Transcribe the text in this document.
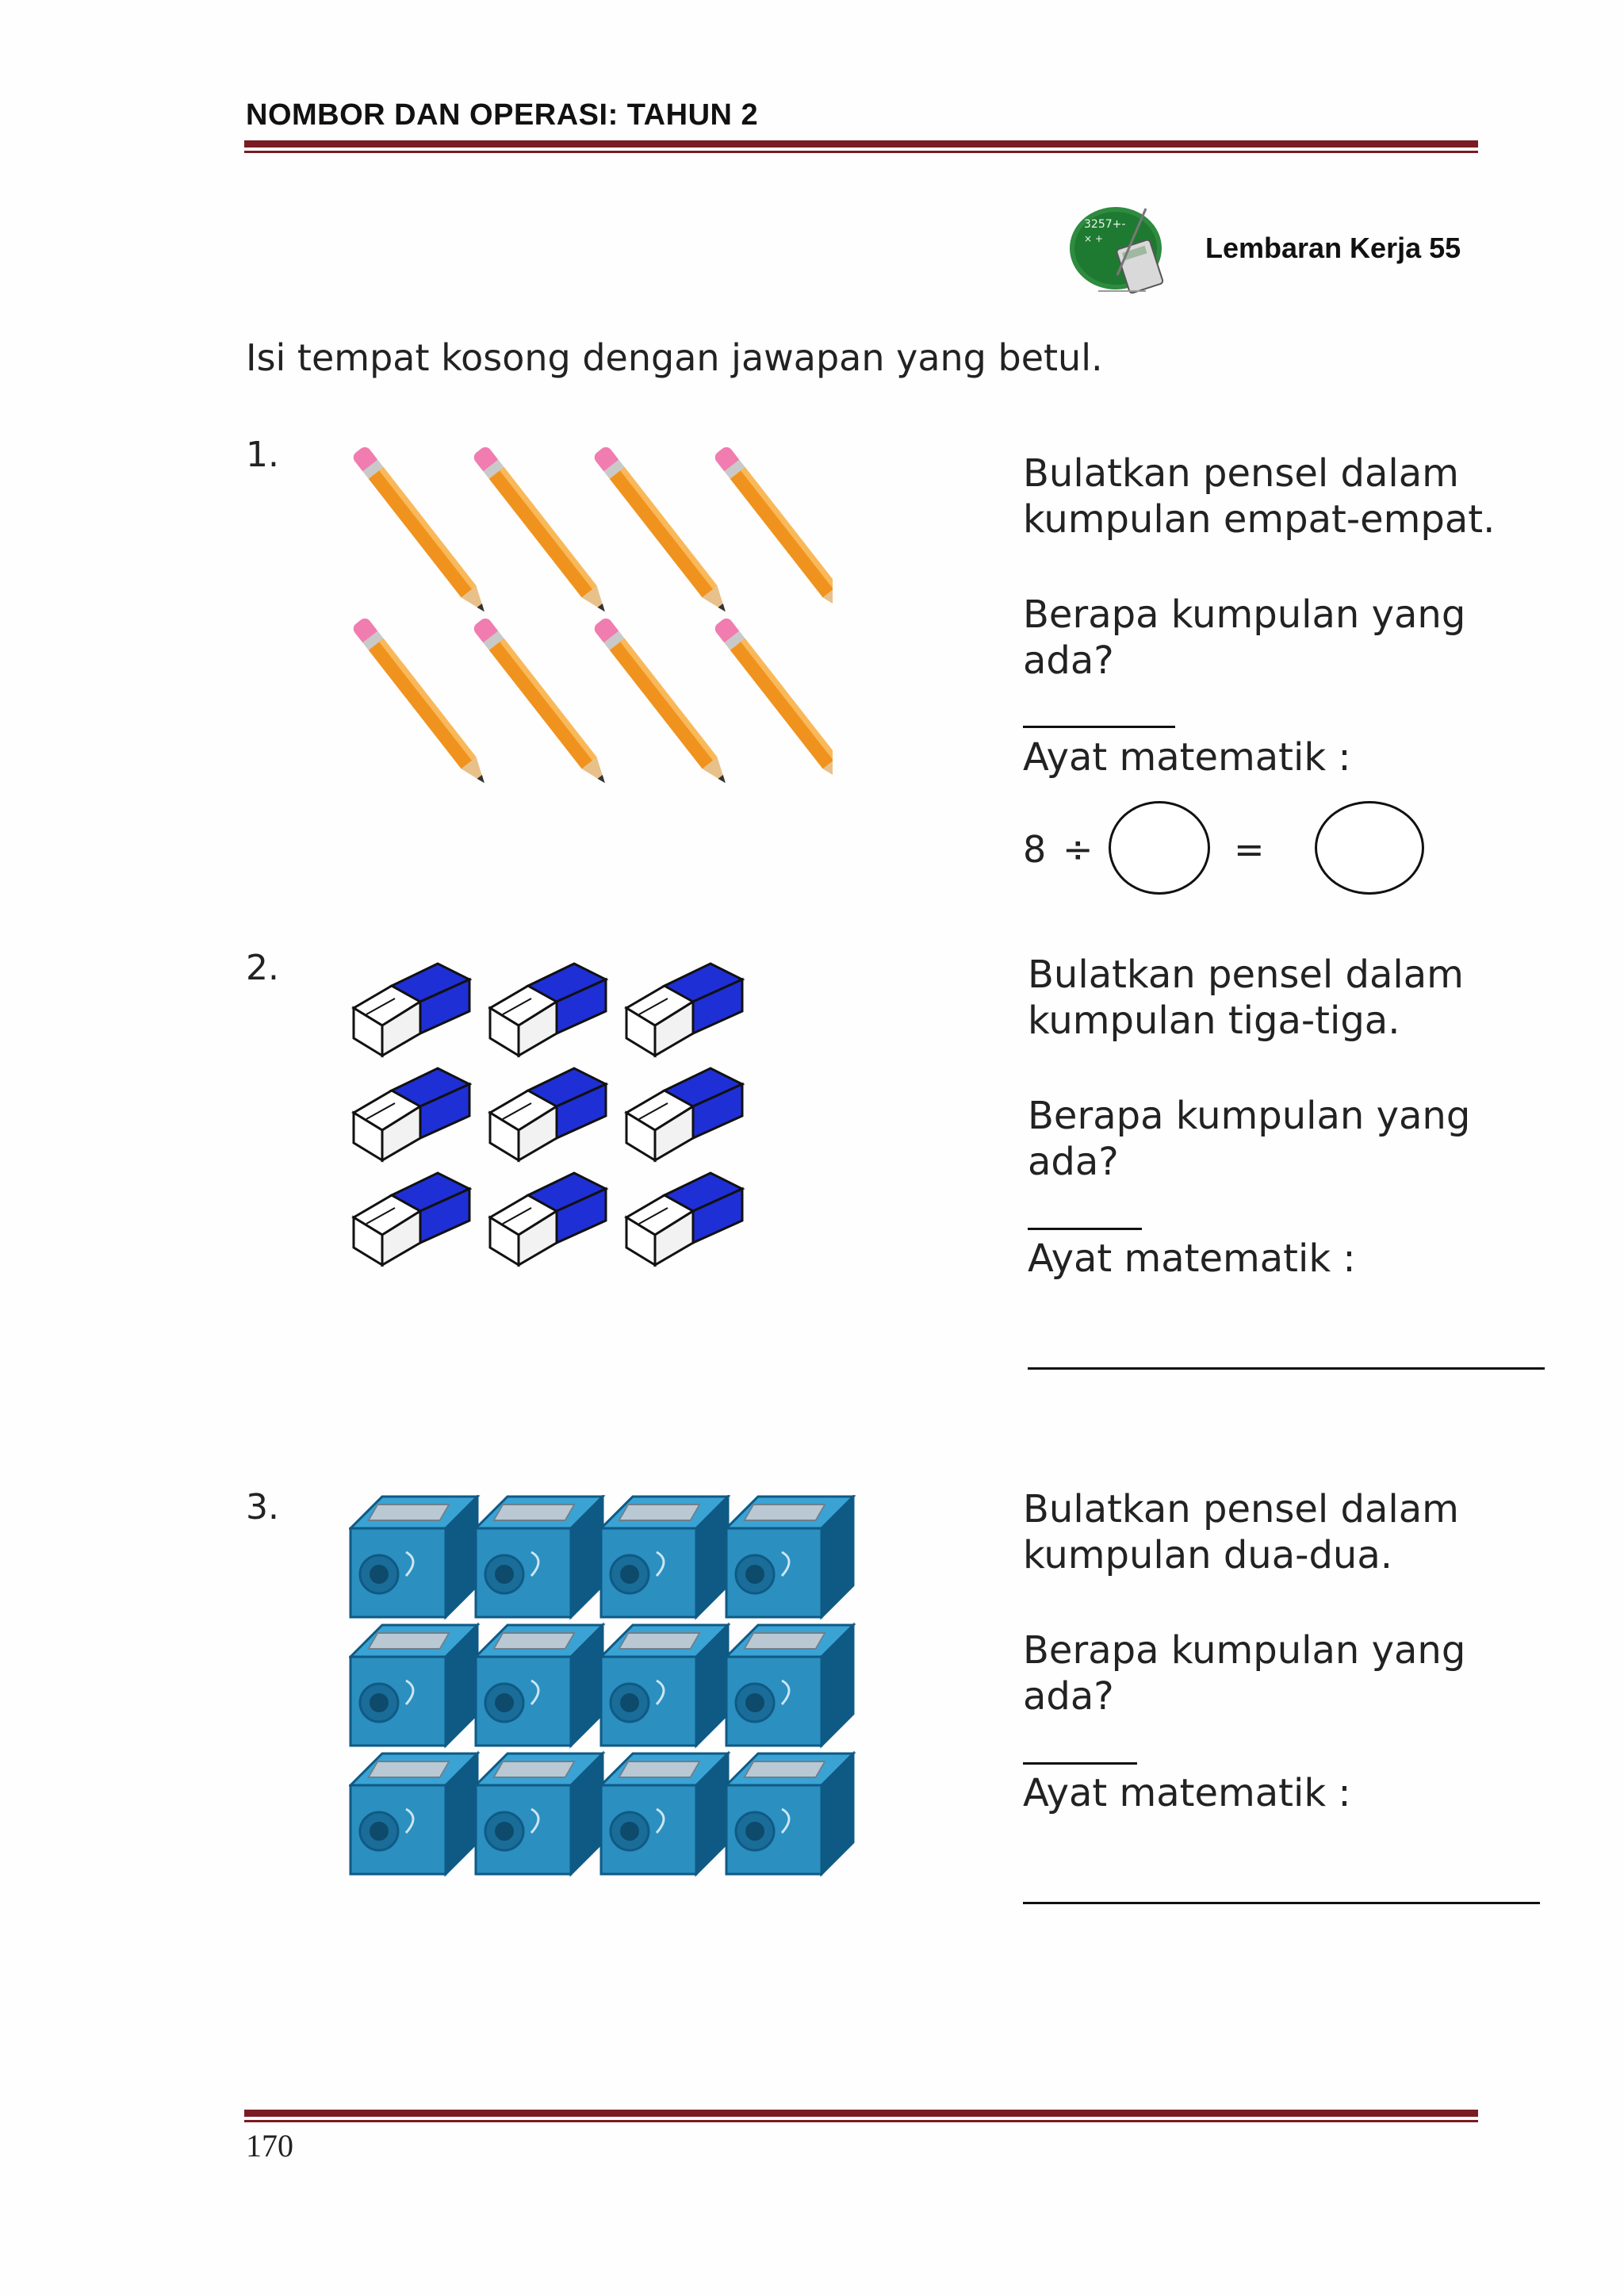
NOMBOR DAN OPERASI: TAHUN 2
3257+-
× +	Lembaran Kerja 55
Isi tempat kosong dengan jawapan yang betul.
1.	Bulatkan pensel dalam
kumpulan empat-empat.
Berapa kumpulan yang
ada?
Ayat matematik :
8 ÷	=
2.	Bulatkan pensel dalam
kumpulan tiga-tiga.
Berapa kumpulan yang
ada?
Ayat matematik :
3.	Bulatkan pensel dalam
kumpulan dua-dua.
Berapa kumpulan yang
ada?
Ayat matematik :
170
